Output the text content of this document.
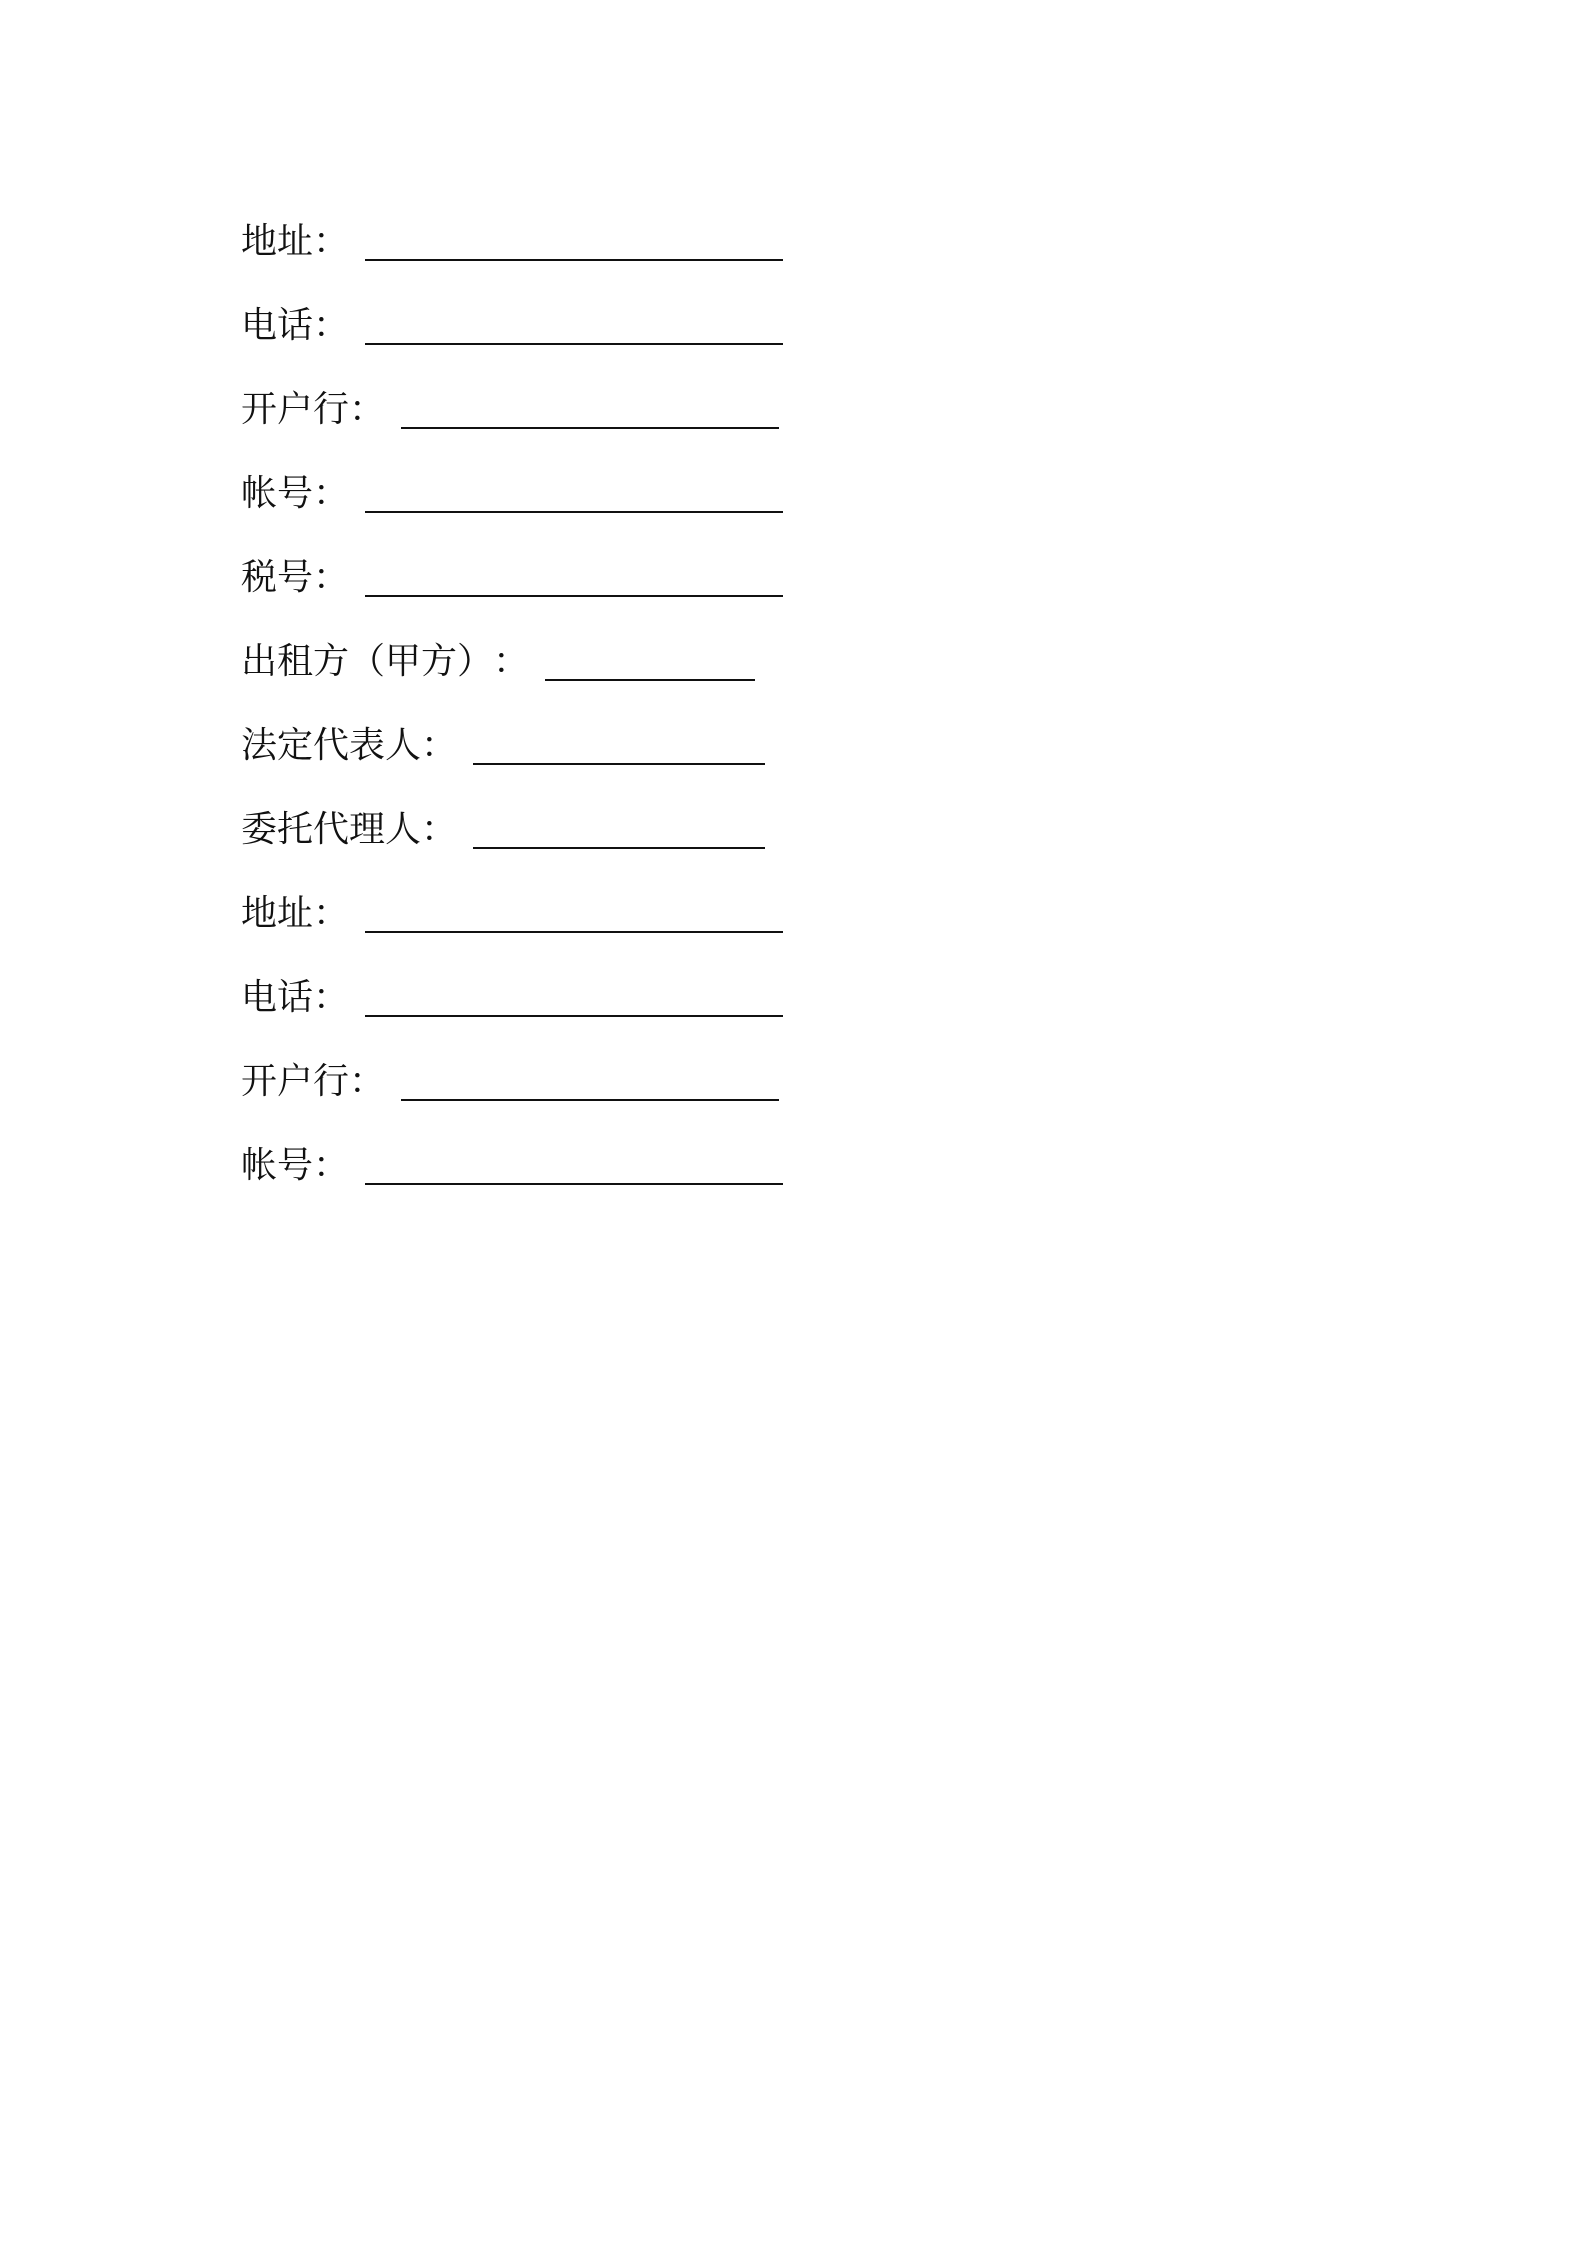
地址 ：
电话 ：
开户行 ：
帐号 ：
税号 ：
出租方（甲方） ：
法定代表人 ：
委托代理人 ：
地址 ：
电话 ：
开户行 ：
帐号 ：
